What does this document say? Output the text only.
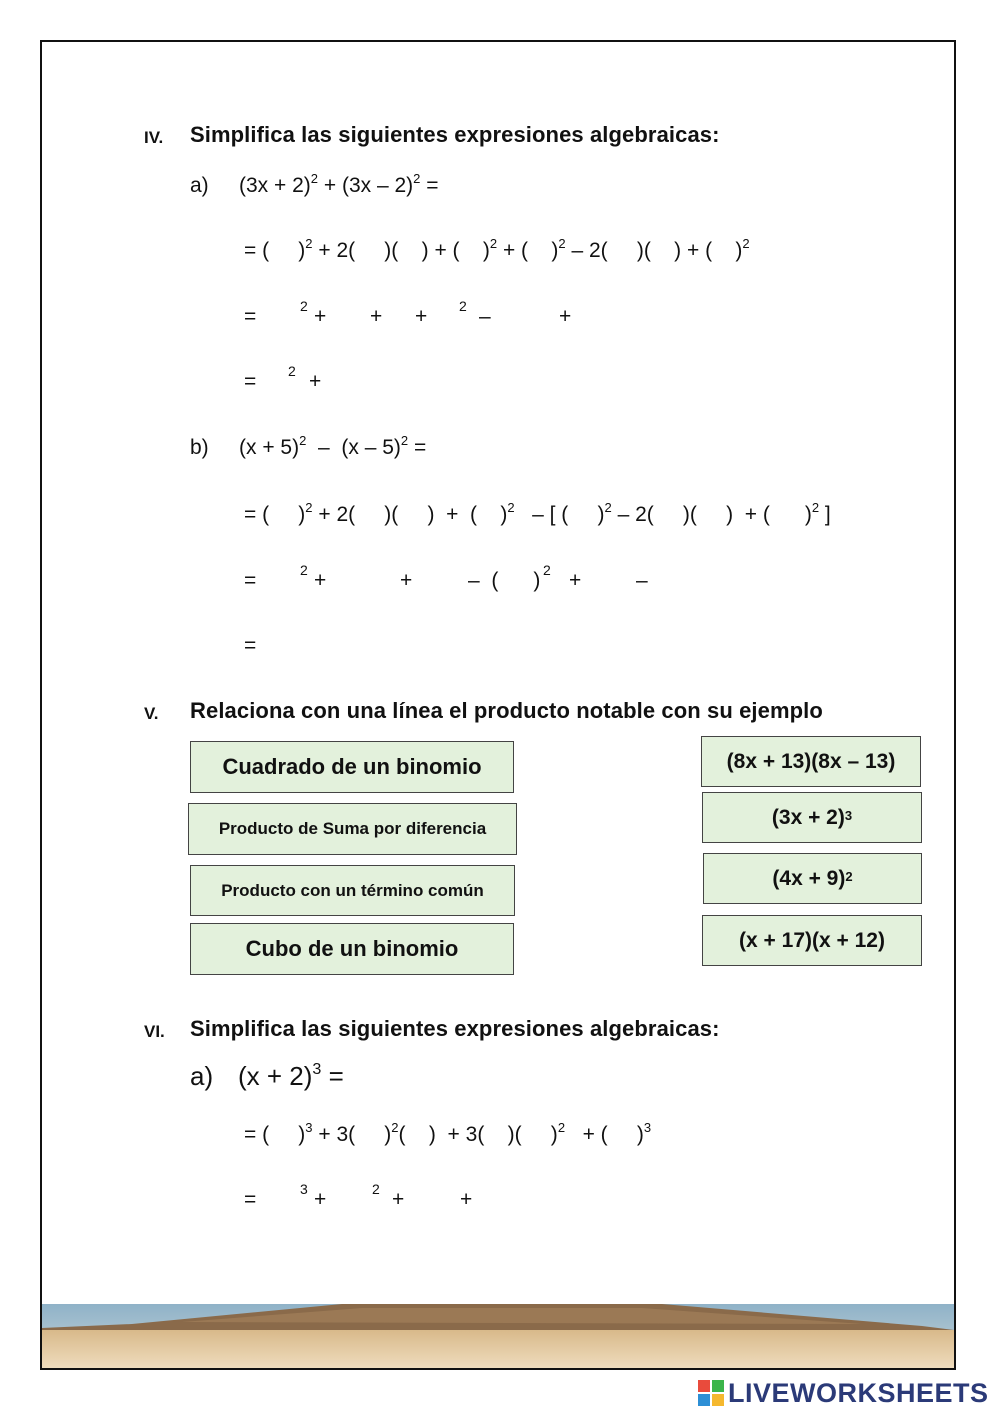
IV. Simplifica las siguientes expresiones algebraicas:
a) $(3x + 2)^2 + (3x - 2)^2$ =
= (     )$^2$ + 2(     )(    ) + (    )$^2$ + (    )$^2$ – 2(     )(    ) + (    )$^2$
=	2 + + + 2 –	+
= 2 +
b) $(x + 5)^2 - (x - 5)^2$ =
= (     )$^2$ + 2(     )(     )  +  (    )$^2$   – [ (     )$^2$ – 2(     )(     )  + (      )$^2$ ]
=	2 +	+	–  (      ) 2 +	–
=
V. Relaciona con una línea el producto notable con su ejemplo
Cuadrado de un binomio
Producto de Suma por diferencia
Producto con un término común
Cubo de un binomio
(8x + 13)(8x – 13)
$(3x + 2)^3$
$(4x + 9)^2$
(x + 17)(x + 12)
VI. Simplifica las siguientes expresiones algebraicas:
a) $(x + 2)^3$ =
= (     )$^3$ + 3(     )$^2$(    )  + 3(    )(     )$^2$   + (     )$^3$
=	3 +	2 +	+
LIVEWORKSHEETS
